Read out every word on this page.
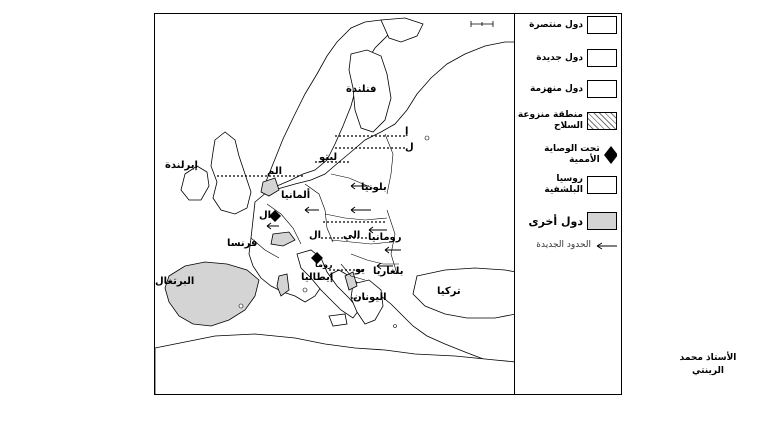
فنلندة
إيرلندة
بلونيا
ألمانيا
فرنسا
البرتغال
رومانيا
بلغاريا
تركيا
إيطاليا
اليونان
روما
إ
ل
ليتو
الم
ال
ال الي
يو
دول منتصرة
دول جديدة
دول منهزمة
منطقة منزوعة السلاح
تحت الوصاية الأممية
روسيا البلشفية
دول أخرى
الحدود الجديدة
الأستاذ محمد
الرينتي
